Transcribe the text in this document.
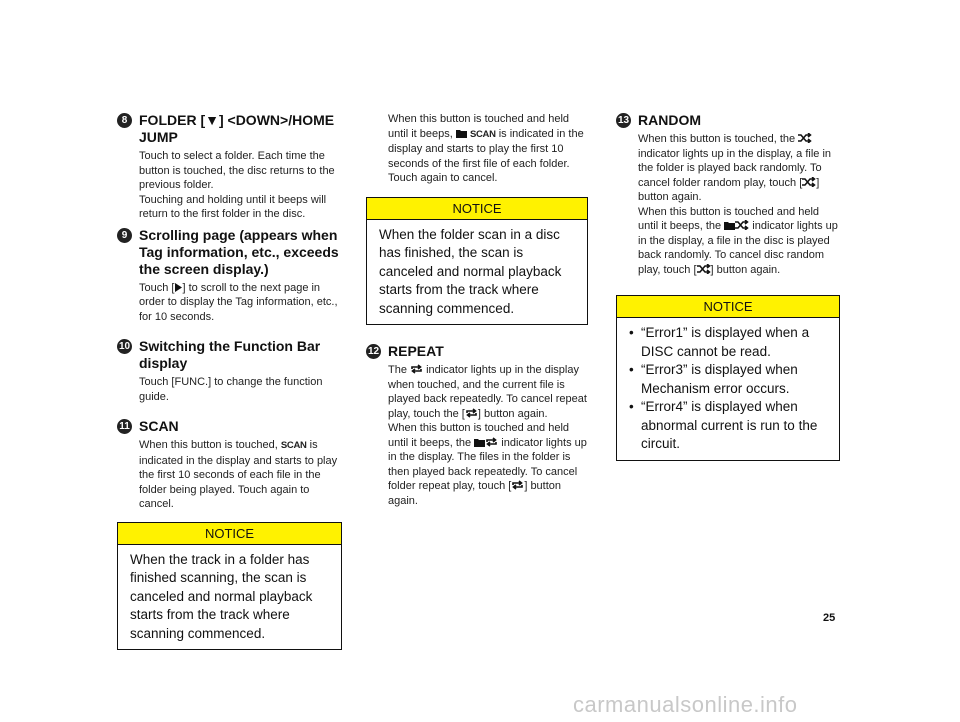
8 FOLDER [▼] <DOWN>/HOME JUMP

Touch to select a folder. Each time the button is touched, the disc returns to the previous folder.

Touching and holding until it beeps will return to the first folder in the disc.

9 Scrolling page (appears when Tag information, etc., exceeds the screen display.)

Touch [ ] to scroll to the next page in order to display the Tag information, etc., for 10 seconds.

10 Switching the Function Bar display

Touch [FUNC.] to change the function guide.

11 SCAN

When this button is touched, SCAN is indicated in the display and starts to play the first 10 seconds of each file in the folder being played. Touch again to cancel.

NOTICE
When the track in a folder has finished scanning, the scan is canceled and normal playback starts from the track where scanning commenced.

When this button is touched and held until it beeps,  SCAN is indicated in the display and starts to play the first 10 seconds of the first file of each folder. Touch again to cancel.

NOTICE
When the folder scan in a disc has finished, the scan is canceled and normal playback starts from the track where scanning commenced.
12 REPEAT

The  indicator lights up in the display when touched, and the current file is played back repeatedly. To cancel repeat play, touch the [ ] button again.

When this button is touched and held until it beeps, the  indicator lights up in the display. The files in the folder is then played back repeatedly. To cancel folder repeat play, touch [ ] button again.

13 RANDOM

When this button is touched, the  indicator lights up in the display, a file in the folder is played back randomly. To cancel folder random play, touch [ ] button again.

When this button is touched and held until it beeps, the  indicator lights up in the display, a file in the disc is played back randomly. To cancel disc random play, touch [ ] button again.

NOTICE
• “Error1” is displayed when a DISC cannot be read.
• “Error3” is displayed when Mechanism error occurs.
• “Error4” is displayed when abnormal current is run to the circuit.
25
carmanualsonline.info
